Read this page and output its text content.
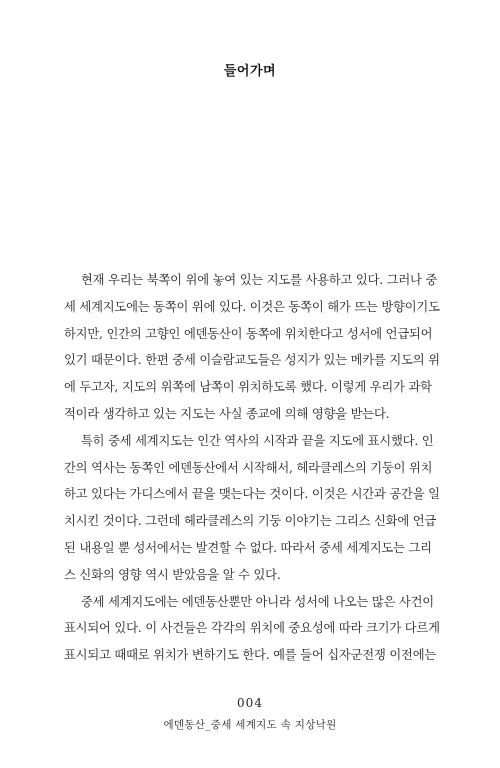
들어가며
현재 우리는 북쪽이 위에 놓여 있는 지도를 사용하고 있다. 그러나 중
세 세계지도에는 동쪽이 위에 있다. 이것은 동쪽이 해가 뜨는 방향이기도
하지만, 인간의 고향인 에덴동산이 동쪽에 위치한다고 성서에 언급되어
있기 때문이다. 한편 중세 이슬람교도들은 성지가 있는 메카를 지도의 위
에 두고자, 지도의 위쪽에 남쪽이 위치하도록 했다. 이렇게 우리가 과학
적이라 생각하고 있는 지도는 사실 종교에 의해 영향을 받는다.
특히 중세 세계지도는 인간 역사의 시작과 끝을 지도에 표시했다. 인
간의 역사는 동쪽인 에덴동산에서 시작해서, 헤라클레스의 기둥이 위치
하고 있다는 가디스에서 끝을 맺는다는 것이다. 이것은 시간과 공간을 일
치시킨 것이다. 그런데 헤라클레스의 기둥 이야기는 그리스 신화에 언급
된 내용일 뿐 성서에서는 발견할 수 없다. 따라서 중세 세계지도는 그리
스 신화의 영향 역시 받았음을 알 수 있다.
중세 세계지도에는 에덴동산뿐만 아니라 성서에 나오는 많은 사건이
표시되어 있다. 이 사건들은 각각의 위치에 중요성에 따라 크기가 다르게
표시되고 때때로 위치가 변하기도 한다. 예를 들어 십자군전쟁 이전에는
004
에덴동산_중세 세계지도 속 지상낙원
